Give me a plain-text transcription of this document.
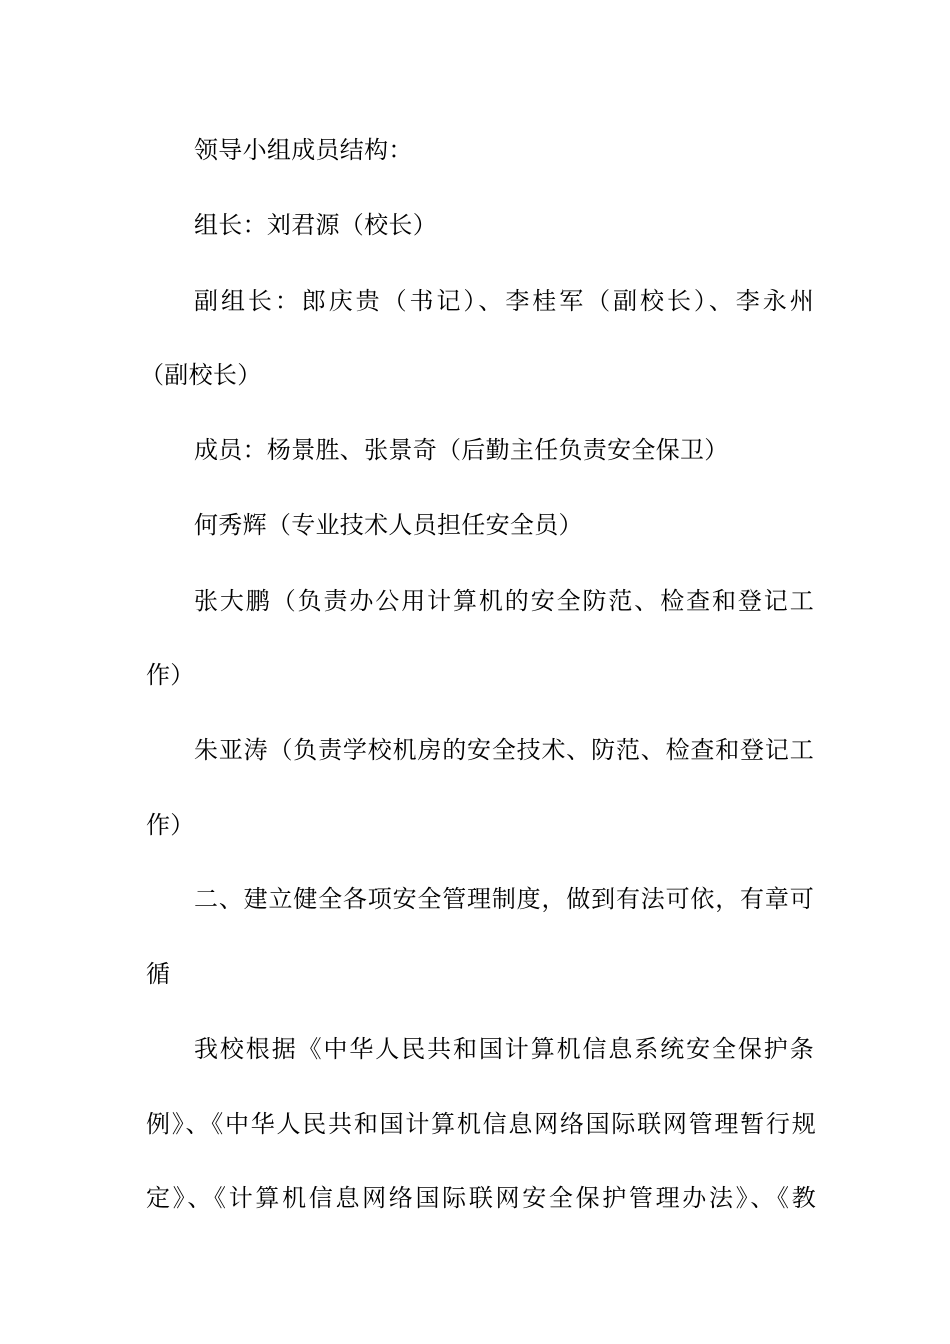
领导小组成员结构：
组长：刘君源（校长）
副组长：郎庆贵（书记）、李桂军（副校长）、李永州
（副校长）
成员：杨景胜、张景奇（后勤主任负责安全保卫）
何秀辉（专业技术人员担任安全员）
张大鹏（负责办公用计算机的安全防范、检查和登记工
作）
朱亚涛（负责学校机房的安全技术、防范、检查和登记工
作）
二、建立健全各项安全管理制度，做到有法可依，有章可
循
我校根据《中华人民共和国计算机信息系统安全保护条
例》、《中华人民共和国计算机信息网络国际联网管理暂行规
定》、《计算机信息网络国际联网安全保护管理办法》、《教
